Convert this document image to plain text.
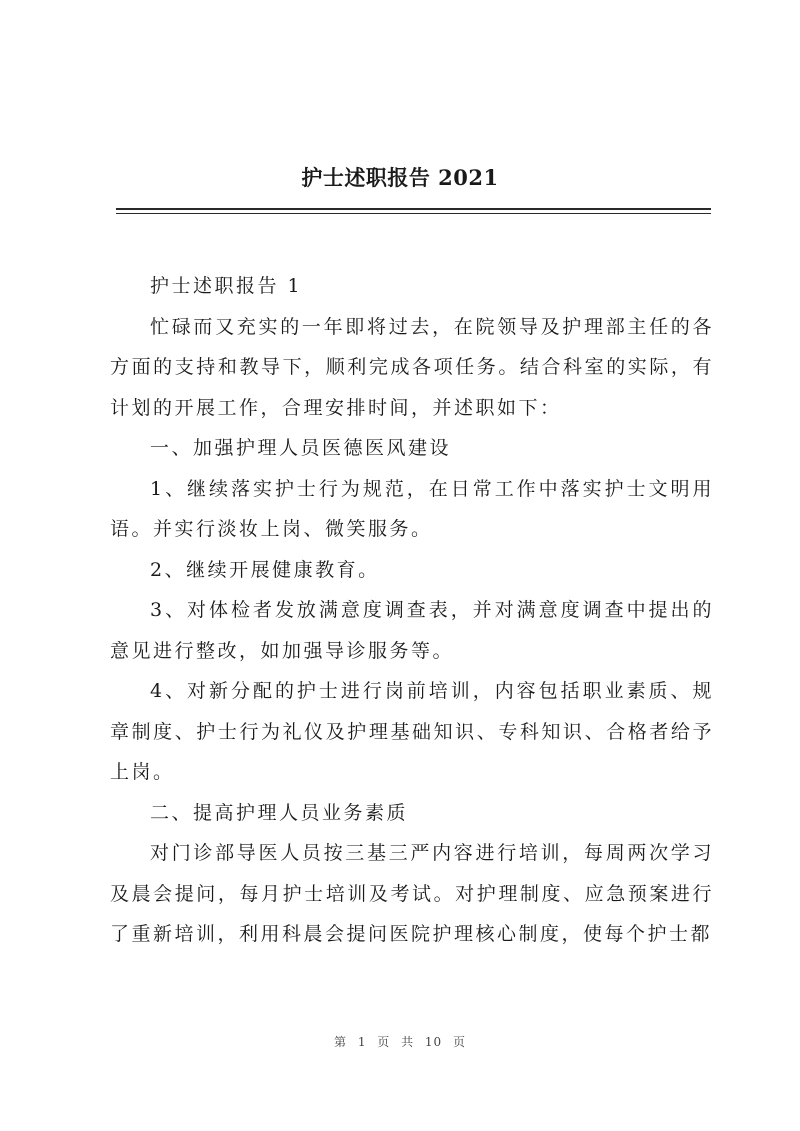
护士述职报告 2021

护士述职报告 1

忙碌而又充实的一年即将过去，在院领导及护理部主任的各方面的支持和教导下，顺利完成各项任务。结合科室的实际，有计划的开展工作，合理安排时间，并述职如下：

一、加强护理人员医德医风建设

1、继续落实护士行为规范，在日常工作中落实护士文明用语。并实行淡妆上岗、微笑服务。

2、继续开展健康教育。

3、对体检者发放满意度调查表，并对满意度调查中提出的意见进行整改，如加强导诊服务等。

4、对新分配的护士进行岗前培训，内容包括职业素质、规章制度、护士行为礼仪及护理基础知识、专科知识、合格者给予上岗。

二、提高护理人员业务素质

对门诊部导医人员按三基三严内容进行培训，每周两次学习及晨会提问，每月护士培训及考试。对护理制度、应急预案进行了重新培训，利用科晨会提问医院护理核心制度，使每个护士都

第 1 页 共 10 页
